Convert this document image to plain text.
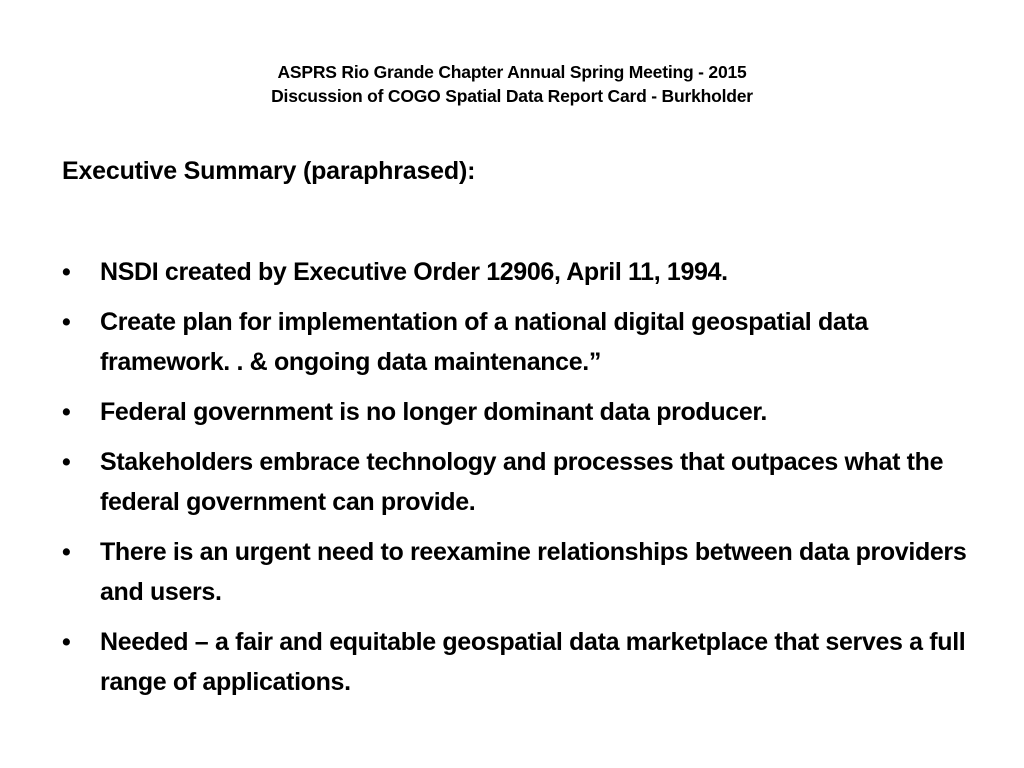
ASPRS Rio Grande Chapter Annual Spring Meeting - 2015
Discussion of COGO Spatial Data Report Card - Burkholder
Executive Summary (paraphrased):
•	NSDI created by Executive Order 12906, April 11, 1994.
•	Create plan for implementation of a national digital geospatial data framework. . & ongoing data maintenance.”
•	Federal government is no longer dominant data producer.
•	Stakeholders embrace technology and processes that outpaces what the federal government can provide.
•	There is an urgent need to reexamine relationships between data providers and users.
•	Needed – a fair and equitable geospatial data marketplace that serves a full range of applications.
